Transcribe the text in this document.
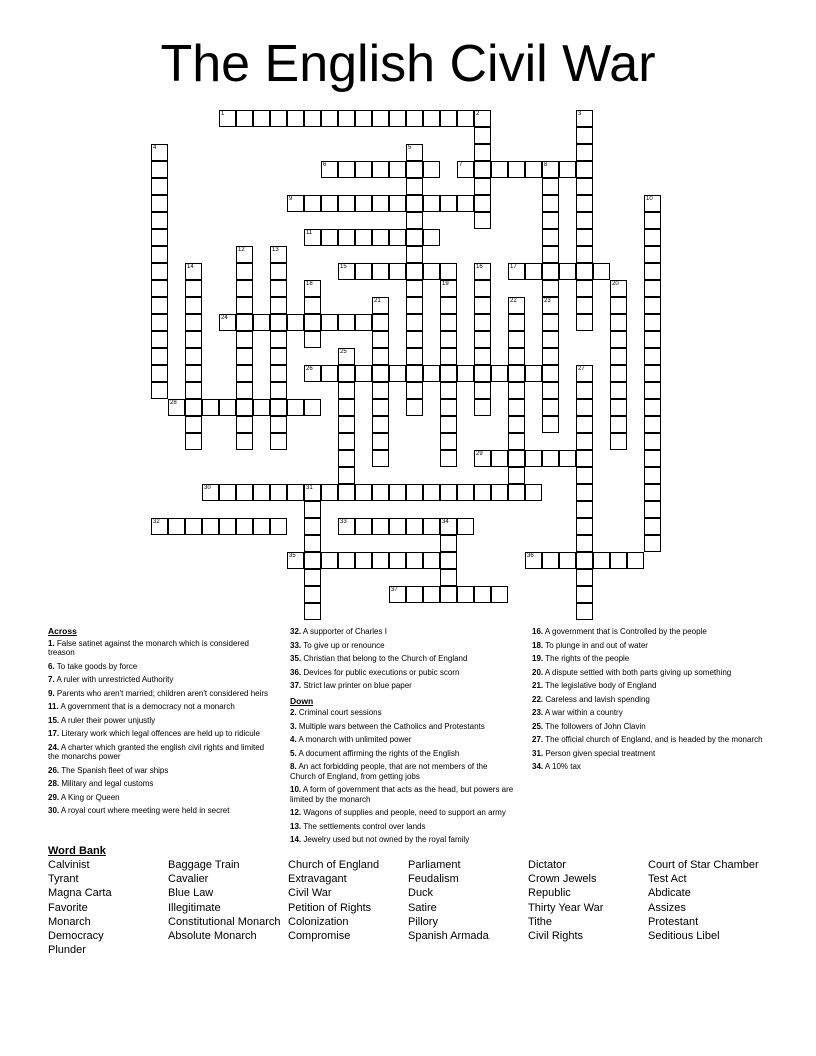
The English Civil War
1	2	3
4	5
6	7	8
23
9	10
11
12	13
14	15	16	17
18	19	20
21	22
24
25
26	27
28
29
30	31
32	33	34
35	36
37
Across
1. False satinet against the monarch which is considered treason
6. To take goods by force
7. A ruler with unrestricted Authority
9. Parents who aren't married; children aren't considered heirs
11. A government that is a democracy not a monarch
15. A ruler their power unjustly
17. Literary work which legal offences are held up to ridicule
24. A charter which granted the english civil rights and limited the monarchs power
26. The Spanish fleet of war ships
28. Military and legal customs
29. A King or Queen
30. A royal court where meeting were held in secret
32. A supporter of Charles I
33. To give up or renounce
35. Christian that belong to the Church of England
36. Devices for public executions or pubic scorn
37. Strict law printer on blue paper
Down
2. Criminal court sessions
3. Multiple wars between the Catholics and Protestants
4. A monarch with unlimited power
5. A document affirming the rights of the English
8. An act forbidding people, that are not members of the Church of England, from getting jobs
10. A form of government that acts as the head, but powers are limited by the monarch
12. Wagons of supplies and people, need to support an army
13. The settlements control over lands
14. Jewelry used but not owned by the royal family
16. A government that is Controlled by the people
18. To plunge in and out of water
19. The rights of the people
20. A dispute settled with both parts giving up something
21. The legislative body of England
22. Careless and lavish spending
23. A war within a country
25. The followers of John Clavin
27. The official church of England, and is headed by the monarch
31. Person given special treatment
34. A 10% tax
Word Bank
Calvinist
Tyrant
Magna Carta
Favorite
Monarch
Democracy
Plunder
Baggage Train
Cavalier
Blue Law
Illegitimate
Constitutional Monarch
Absolute Monarch
Church of England
Extravagant
Civil War
Petition of Rights
Colonization
Compromise
Parliament
Feudalism
Duck
Satire
Pillory
Spanish Armada
Dictator
Crown Jewels
Republic
Thirty Year War
Tithe
Civil Rights
Court of Star Chamber
Test Act
Abdicate
Assizes
Protestant
Seditious Libel
